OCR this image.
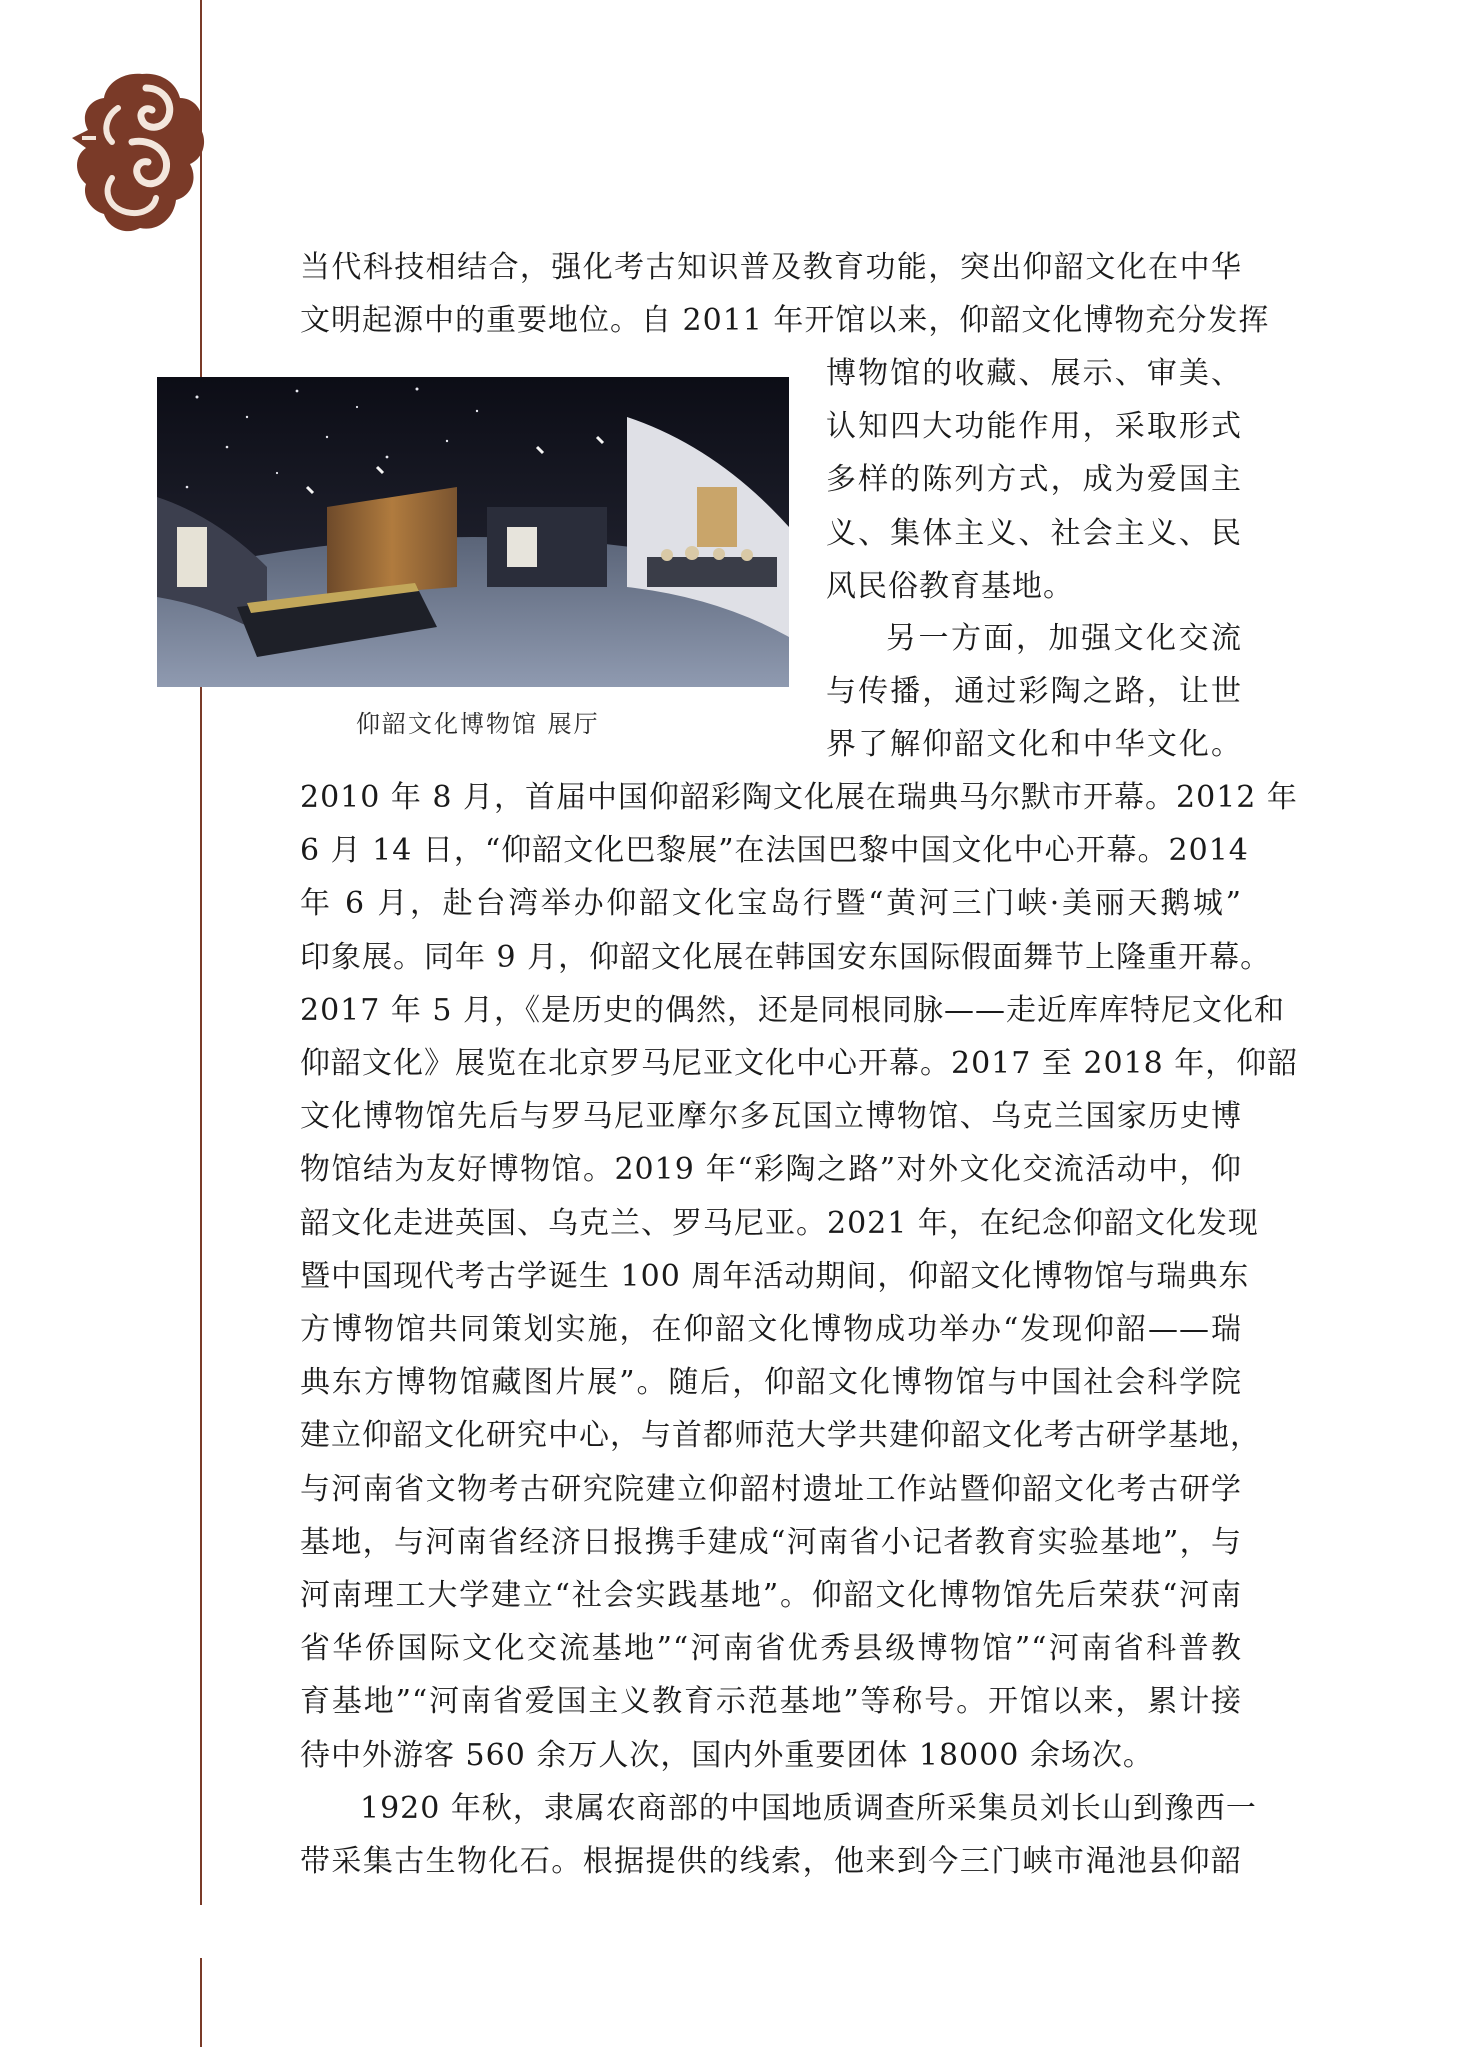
当代科技相结合，强化考古知识普及教育功能，突出仰韶文化在中华
文明起源中的重要地位。自 2011 年开馆以来，仰韶文化博物充分发挥

博物馆的收藏、展示、审美、
认知四大功能作用，采取形式
多样的陈列方式，成为爱国主
义、集体主义、社会主义、民
风民俗教育基地。

仰韶文化博物馆 展厅

另一方面，加强文化交流
与传播，通过彩陶之路，让世
界了解仰韶文化和中华文化。

2010 年 8 月，首届中国仰韶彩陶文化展在瑞典马尔默市开幕。2012 年
6 月 14 日，“仰韶文化巴黎展”在法国巴黎中国文化中心开幕。2014
年 6 月，赴台湾举办仰韶文化宝岛行暨“黄河三门峡·美丽天鹅城”
印象展。同年 9 月，仰韶文化展在韩国安东国际假面舞节上隆重开幕。
2017 年 5 月，《是历史的偶然，还是同根同脉——走近库库特尼文化和
仰韶文化》展览在北京罗马尼亚文化中心开幕。2017 至 2018 年，仰韶
文化博物馆先后与罗马尼亚摩尔多瓦国立博物馆、乌克兰国家历史博
物馆结为友好博物馆。2019 年“彩陶之路”对外文化交流活动中，仰
韶文化走进英国、乌克兰、罗马尼亚。2021 年，在纪念仰韶文化发现
暨中国现代考古学诞生 100 周年活动期间，仰韶文化博物馆与瑞典东
方博物馆共同策划实施，在仰韶文化博物成功举办“发现仰韶——瑞
典东方博物馆藏图片展”。随后，仰韶文化博物馆与中国社会科学院
建立仰韶文化研究中心，与首都师范大学共建仰韶文化考古研学基地，
与河南省文物考古研究院建立仰韶村遗址工作站暨仰韶文化考古研学
基地，与河南省经济日报携手建成“河南省小记者教育实验基地”，与
河南理工大学建立“社会实践基地”。仰韶文化博物馆先后荣获“河南
省华侨国际文化交流基地”“河南省优秀县级博物馆”“河南省科普教
育基地”“河南省爱国主义教育示范基地”等称号。开馆以来，累计接
待中外游客 560 余万人次，国内外重要团体 18000 余场次。

1920 年秋，隶属农商部的中国地质调查所采集员刘长山到豫西一
带采集古生物化石。根据提供的线索，他来到今三门峡市渑池县仰韶
